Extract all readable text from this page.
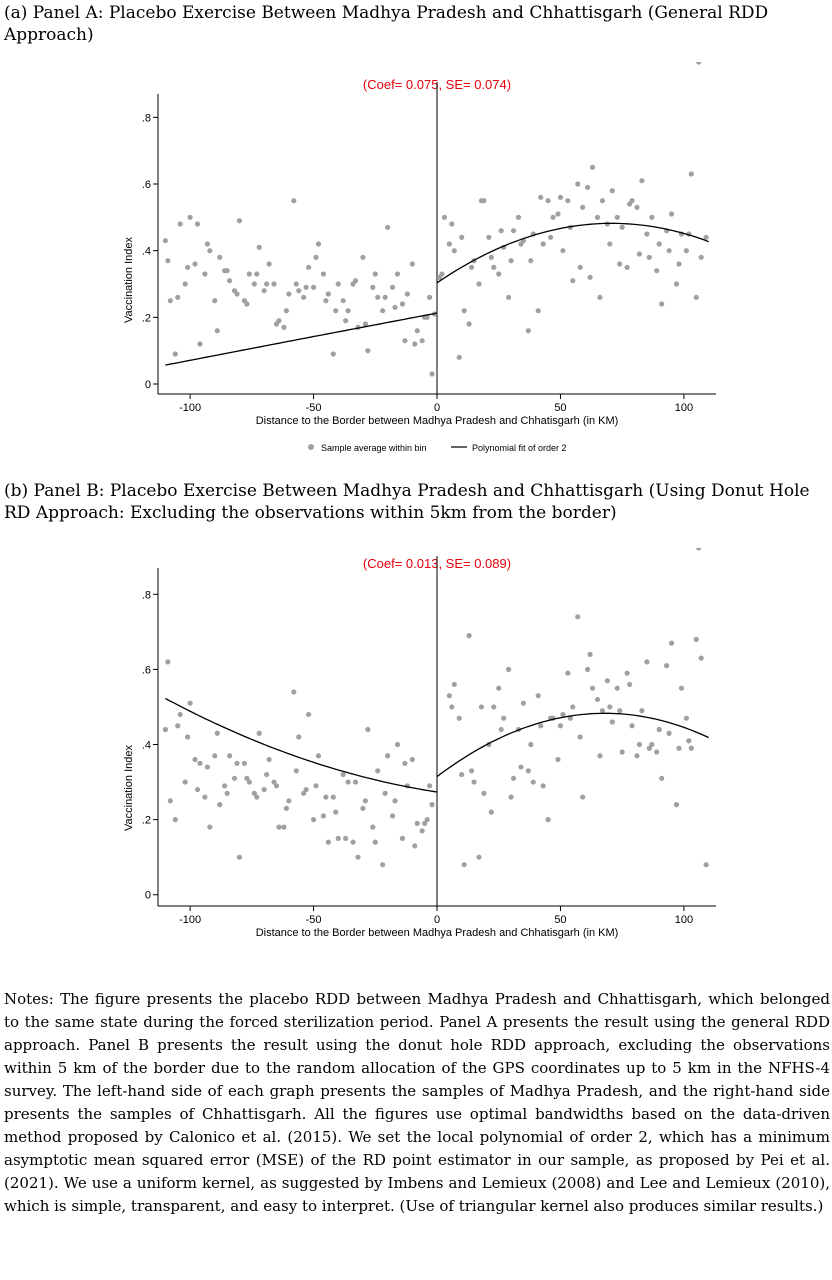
(a) Panel A: Placebo Exercise Between Madhya Pradesh and Chhattisgarh (General RDD Approach)
(Coef= 0.075, SE= 0.074)
0
.2
.4
.6
.8
-100	-50	0	50	100
Vaccination Index
Distance to the Border between Madhya Pradesh and Chhatisgarh (in KM)
Sample average within bin	Polynomial fit of order 2
(b) Panel B: Placebo Exercise Between Madhya Pradesh and Chhattisgarh (Using Donut Hole RD Approach: Excluding the observations within 5km from the border)
(Coef= 0.013, SE= 0.089)
0
.2
.4
.6
.8
-100	-50	0	50	100
Vaccination Index
Distance to the Border between Madhya Pradesh and Chhatisgarh (in KM)
Notes: The figure presents the placebo RDD between Madhya Pradesh and Chhattisgarh, which belonged to the same state during the forced sterilization period. Panel A presents the result using the general RDD approach. Panel B presents the result using the donut hole RDD approach, excluding the observations within 5 km of the border due to the random allocation of the GPS coordinates up to 5 km in the NFHS-4 survey. The left-hand side of each graph presents the samples of Madhya Pradesh, and the right-hand side presents the samples of Chhattisgarh. All the figures use optimal bandwidths based on the data-driven method proposed by Calonico et al. (2015). We set the local polynomial of order 2, which has a minimum asymptotic mean squared error (MSE) of the RD point estimator in our sample, as proposed by Pei et al. (2021). We use a uniform kernel, as suggested by Imbens and Lemieux (2008) and Lee and Lemieux (2010), which is simple, transparent, and easy to interpret. (Use of triangular kernel also produces similar results.)
